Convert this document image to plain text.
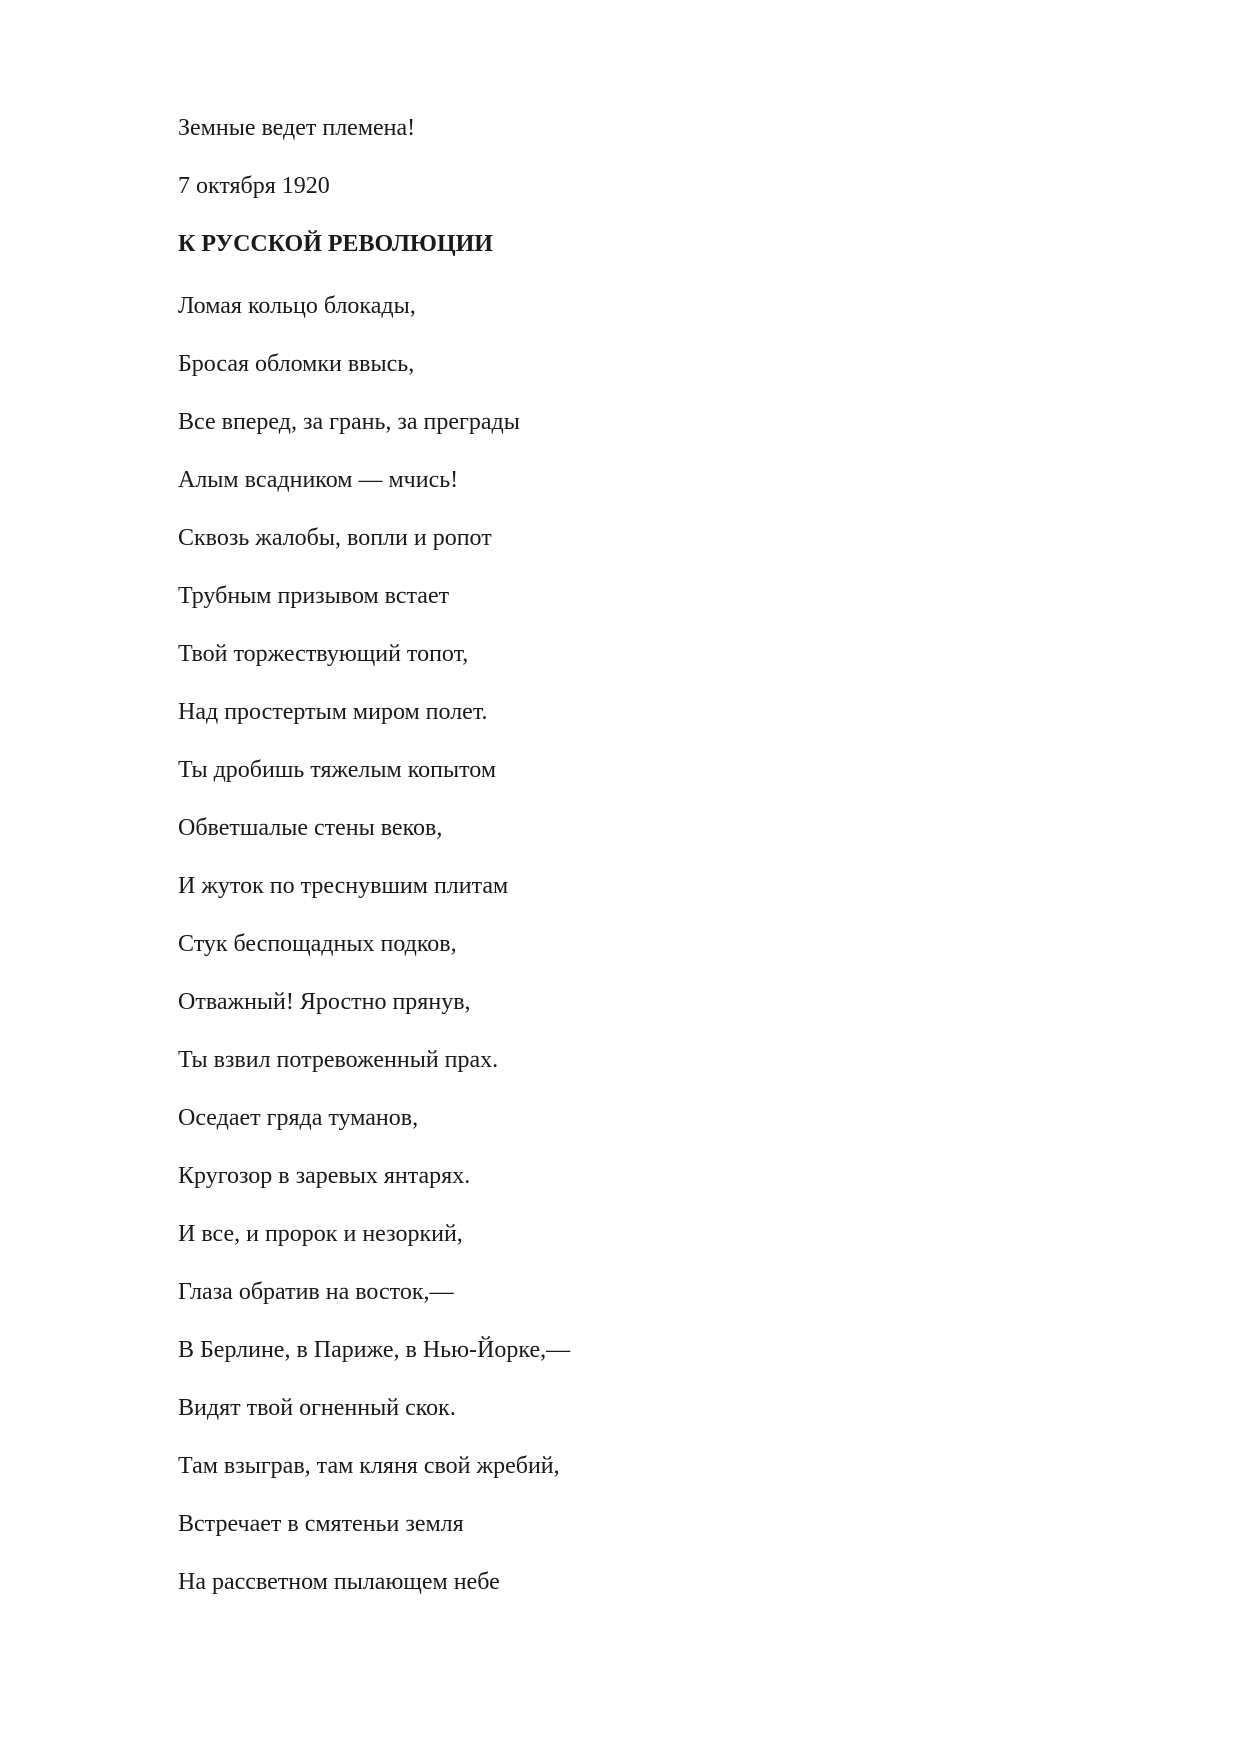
Земные ведет племена!
7 октября 1920
К РУССКОЙ РЕВОЛЮЦИИ
Ломая кольцо блокады,
Бросая обломки ввысь,
Все вперед, за грань, за преграды
Алым всадником — мчись!
Сквозь жалобы, вопли и ропот
Трубным призывом встает
Твой торжествующий топот,
Над простертым миром полет.
Ты дробишь тяжелым копытом
Обветшалые стены веков,
И жуток по треснувшим плитам
Стук беспощадных подков,
Отважный! Яростно прянув,
Ты взвил потревоженный прах.
Оседает гряда туманов,
Кругозор в заревых янтарях.
И все, и пророк и незоркий,
Глаза обратив на восток,—
В Берлине, в Париже, в Нью-Йорке,—
Видят твой огненный скок.
Там взыграв, там кляня свой жребий,
Встречает в смятеньи земля
На рассветном пылающем небе
